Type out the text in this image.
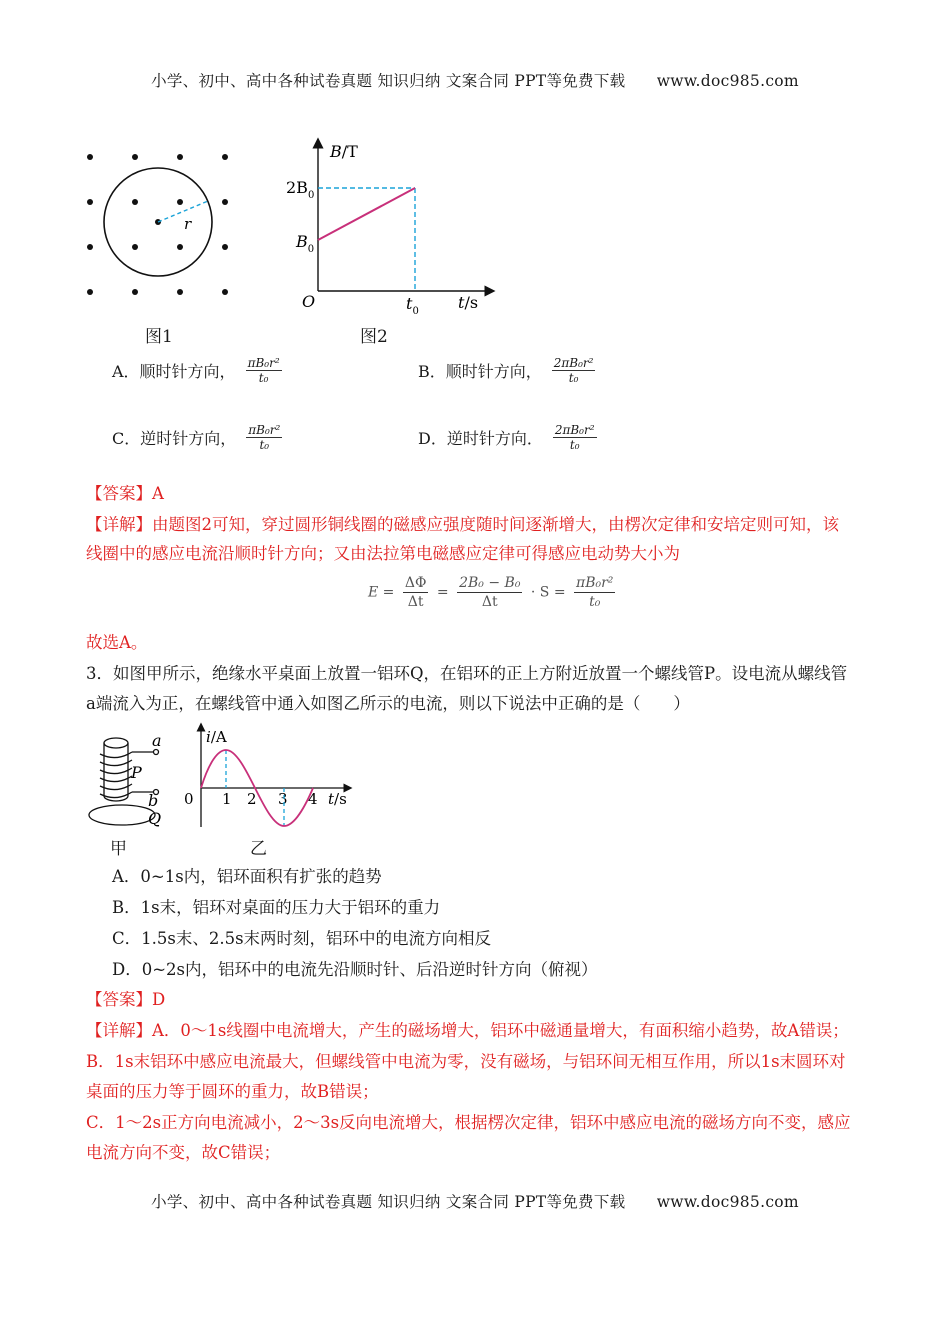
小学、初中、高中各种试卷真题 知识归纳 文案合同 PPT等免费下载 www.doc985.com
r
图1
B/T
$2B_0$
$B_0$
O	$t_0$ t/s
图2
A．顺时针方向， $\frac{\text{πB₀r²}}{\text{t₀}}$	B．顺时针方向， $\frac{\text{2πB₀r²}}{\text{t₀}}$
C．逆时针方向， $\frac{\text{πB₀r²}}{\text{t₀}}$	D．逆时针方向． $\frac{\text{2πB₀r²}}{\text{t₀}}$
【答案】A
【详解】由题图2可知，穿过圆形铜线圈的磁感应强度随时间逐渐增大，由楞次定律和安培定则可知，该
线圈中的感应电流沿顺时针方向；又由法拉第电磁感应定律可得感应电动势大小为
$E = \frac{\Delta\Phi}{\Delta t} = \frac{\text{2B₀ − B₀}}{\Delta t} \cdot S = \frac{\text{πB₀r²}}{\text{t₀}}$
故选A。
3．如图甲所示，绝缘水平桌面上放置一铝环Q，在铝环的正上方附近放置一个螺线管P。设电流从螺线管
a端流入为正，在螺线管中通入如图乙所示的电流，则以下说法中正确的是（　　）
a
P
b
Q
甲
i/A
0 1 2 3 4 t/s
乙
A．0~1s内，铝环面积有扩张的趋势
B．1s末，铝环对桌面的压力大于铝环的重力
C．1.5s末、2.5s末两时刻，铝环中的电流方向相反
D．0~2s内，铝环中的电流先沿顺时针、后沿逆时针方向（俯视）
【答案】D
【详解】A．0～1s线圈中电流增大，产生的磁场增大，铝环中磁通量增大，有面积缩小趋势，故A错误；
B．1s末铝环中感应电流最大，但螺线管中电流为零，没有磁场，与铝环间无相互作用，所以1s末圆环对
桌面的压力等于圆环的重力，故B错误；
C．1～2s正方向电流减小，2～3s反向电流增大，根据楞次定律，铝环中感应电流的磁场方向不变，感应
电流方向不变，故C错误；
小学、初中、高中各种试卷真题 知识归纳 文案合同 PPT等免费下载 www.doc985.com
